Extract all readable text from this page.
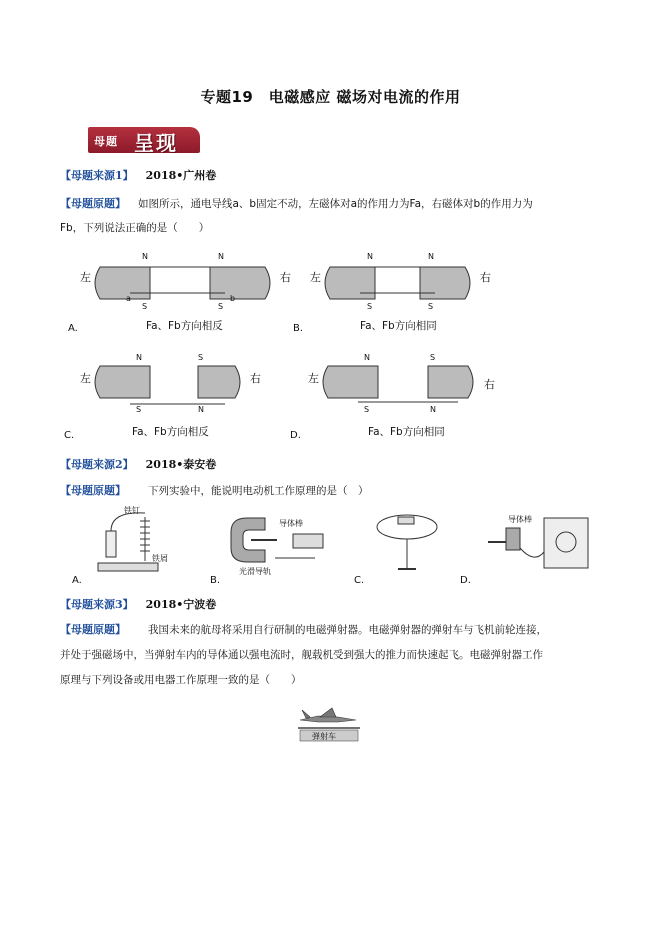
专题19　电磁感应 磁场对电流的作用
母题 呈现
【母题来源1】 2018•广州卷
【母题原题】 如图所示，通电导线a、b固定不动，左磁体对a的作用力为Fa，右磁体对b的作用力为
Fb，下列说法正确的是（　　）
左	右
N
S
N
S
a	b
A.	Fa、Fb方向相反
左	右
N
S
N
S
B.	Fa、Fb方向相同
左	右
N
S
S
N
C.	Fa、Fb方向相反
左	右
N
S
S
N
D.	Fa、Fb方向相同
【母题来源2】 2018•泰安卷
【母题原题】 下列实验中，能说明电动机工作原理的是（　）
铁钉
铁屑
A.
导体棒
光滑导轨
B.	C.
导体棒
D.
【母题来源3】 2018•宁波卷
【母题原题】 我国未来的航母将采用自行研制的电磁弹射器。电磁弹射器的弹射车与飞机前轮连接，
并处于强磁场中，当弹射车内的导体通以强电流时，舰载机受到强大的推力而快速起飞。电磁弹射器工作
原理与下列设备或用电器工作原理一致的是（　　）
弹射车
